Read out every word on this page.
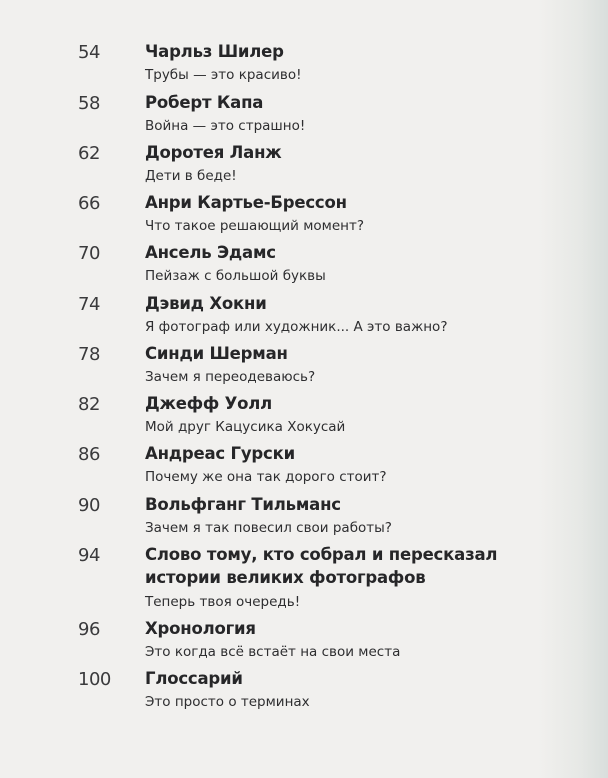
54	Чарльз Шилер
Трубы — это красиво!
58	Роберт Капа
Война — это страшно!
62	Доротея Ланж
Дети в беде!
66	Анри Картье-Брессон
Что такое решающий момент?
70	Ансель Эдамс
Пейзаж с большой буквы
74	Дэвид Хокни
Я фотограф или художник... А это важно?
78	Синди Шерман
Зачем я переодеваюсь?
82	Джефф Уолл
Мой друг Кацусика Хокусай
86	Андреас Гурски
Почему же она так дорого стоит?
90	Вольфганг Тильманс
Зачем я так повесил свои работы?
94	Слово тому, кто собрал и пересказал
истории великих фотографов
Теперь твоя очередь!
96	Хронология
Это когда всё встаёт на свои места
100 Глоссарий
Это просто о терминах
